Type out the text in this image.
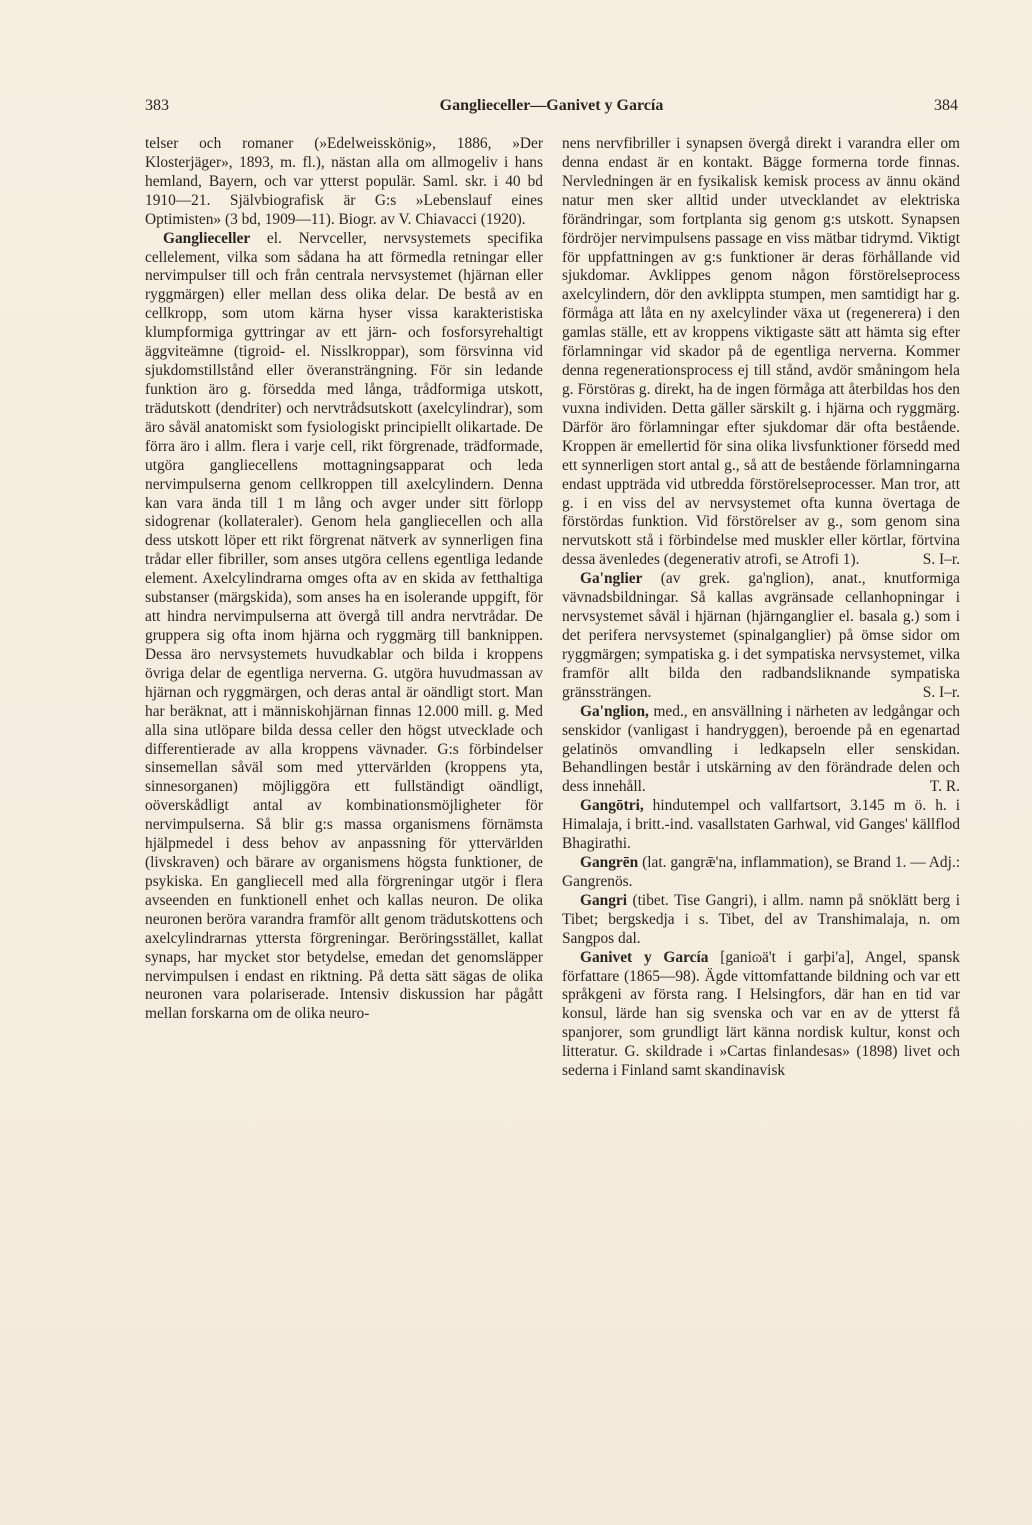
383	Ganglieceller—Ganivet y García	384

telser och romaner (»Edelweisskönig», 1886, »Der Klosterjäger», 1893, m. fl.), nästan alla om allmogeliv i hans hemland, Bayern, och var ytterst populär. Saml. skr. i 40 bd 1910—21. Självbiografisk är G:s »Lebenslauf eines Optimisten» (3 bd, 1909—11). Biogr. av V. Chiavacci (1920).

Ganglieceller el. Nervceller, nervsystemets specifika cellelement, vilka som sådana ha att förmedla retningar eller nervimpulser till och från centrala nervsystemet (hjärnan eller ryggmärgen) eller mellan dess olika delar. De bestå av en cellkropp, som utom kärna hyser vissa karakteristiska klumpformiga gyttringar av ett järn- och fosforsyrehaltigt äggviteämne (tigroid- el. Nisslkroppar), som försvinna vid sjukdomstillstånd eller överansträngning. För sin ledande funktion äro g. försedda med långa, trådformiga utskott, trädutskott (dendriter) och nervtrådsutskott (axelcylindrar), som äro såväl anatomiskt som fysiologiskt principiellt olikartade. De förra äro i allm. flera i varje cell, rikt förgrenade, trädformade, utgöra gangliecellens mottagningsapparat och leda nervimpulserna genom cellkroppen till axelcylindern. Denna kan vara ända till 1 m lång och avger under sitt förlopp sidogrenar (kollateraler). Genom hela gangliecellen och alla dess utskott löper ett rikt förgrenat nätverk av synnerligen fina trådar eller fibriller, som anses utgöra cellens egentliga ledande element. Axelcylindrarna omges ofta av en skida av fetthaltiga substanser (märgskida), som anses ha en isolerande uppgift, för att hindra nervimpulserna att övergå till andra nervtrådar. De gruppera sig ofta inom hjärna och ryggmärg till banknippen. Dessa äro nervsystemets huvudkablar och bilda i kroppens övriga delar de egentliga nerverna. G. utgöra huvudmassan av hjärnan och ryggmärgen, och deras antal är oändligt stort. Man har beräknat, att i människohjärnan finnas 12.000 mill. g. Med alla sina utlöpare bilda dessa celler den högst utvecklade och differentierade av alla kroppens vävnader. G:s förbindelser sinsemellan såväl som med yttervärlden (kroppens yta, sinnesorganen) möjliggöra ett fullständigt oändligt, oöverskådligt antal av kombinationsmöjligheter för nervimpulserna. Så blir g:s massa organismens förnämsta hjälpmedel i dess behov av anpassning för yttervärlden (livskraven) och bärare av organismens högsta funktioner, de psykiska. En gangliecell med alla förgreningar utgör i flera avseenden en funktionell enhet och kallas neuron. De olika neuronen beröra varandra framför allt genom trädutskottens och axelcylindrarnas yttersta förgreningar. Beröringsstället, kallat synaps, har mycket stor betydelse, emedan det genomsläpper nervimpulsen i endast en riktning. På detta sätt sägas de olika neuronen vara polariserade. Intensiv diskussion har pågått mellan forskarna om de olika neuro-

nens nervfibriller i synapsen övergå direkt i varandra eller om denna endast är en kontakt. Bägge formerna torde finnas. Nervledningen är en fysikalisk kemisk process av ännu okänd natur men sker alltid under utvecklandet av elektriska förändringar, som fortplanta sig genom g:s utskott. Synapsen fördröjer nervimpulsens passage en viss mätbar tidrymd. Viktigt för uppfattningen av g:s funktioner är deras förhållande vid sjukdomar. Avklippes genom någon förstörelseprocess axelcylindern, dör den avklippta stumpen, men samtidigt har g. förmåga att låta en ny axelcylinder växa ut (regenerera) i den gamlas ställe, ett av kroppens viktigaste sätt att hämta sig efter förlamningar vid skador på de egentliga nerverna. Kommer denna regenerationsprocess ej till stånd, avdör småningom hela g. Förstöras g. direkt, ha de ingen förmåga att återbildas hos den vuxna individen. Detta gäller särskilt g. i hjärna och ryggmärg. Därför äro förlamningar efter sjukdomar där ofta bestående. Kroppen är emellertid för sina olika livsfunktioner försedd med ett synnerligen stort antal g., så att de bestående förlamningarna endast uppträda vid utbredda förstörelseprocesser. Man tror, att g. i en viss del av nervsystemet ofta kunna övertaga de förstördas funktion. Vid förstörelser av g., som genom sina nervutskott stå i förbindelse med muskler eller körtlar, förtvina dessa ävenledes (degenerativ atrofi, se Atrofi 1).	S. I–r.

Ga'nglier (av grek. ga'nglion), anat., knutformiga vävnadsbildningar. Så kallas avgränsade cellanhopningar i nervsystemet såväl i hjärnan (hjärnganglier el. basala g.) som i det perifera nervsystemet (spinalganglier) på ömse sidor om ryggmärgen; sympatiska g. i det sympatiska nervsystemet, vilka framför allt bilda den radbandsliknande sympatiska gränssträngen.	S. I–r.

Ga'nglion, med., en ansvällning i närheten av ledgångar och senskidor (vanligast i handryggen), beroende på en egenartad gelatinös omvandling i ledkapseln eller senskidan. Behandlingen består i utskärning av den förändrade delen och dess innehåll.	T. R.

Gangōtri, hindutempel och vallfartsort, 3.145 m ö. h. i Himalaja, i britt.-ind. vasallstaten Garhwal, vid Ganges' källflod Bhagirathi.

Gangrēn (lat. gangrǣ'na, inflammation), se Brand 1. — Adj.: Gangrenös.

Gangri (tibet. Tise Gangri), i allm. namn på snöklätt berg i Tibet; bergskedja i s. Tibet, del av Transhimalaja, n. om Sangpos dal.

Ganivet y García [ganiɷä't i garþi'a], Angel, spansk författare (1865—98). Ägde vittomfattande bildning och var ett språkgeni av första rang. I Helsingfors, där han en tid var konsul, lärde han sig svenska och var en av de ytterst få spanjorer, som grundligt lärt känna nordisk kultur, konst och litteratur. G. skildrade i »Cartas finlandesas» (1898) livet och sederna i Finland samt skandinavisk
